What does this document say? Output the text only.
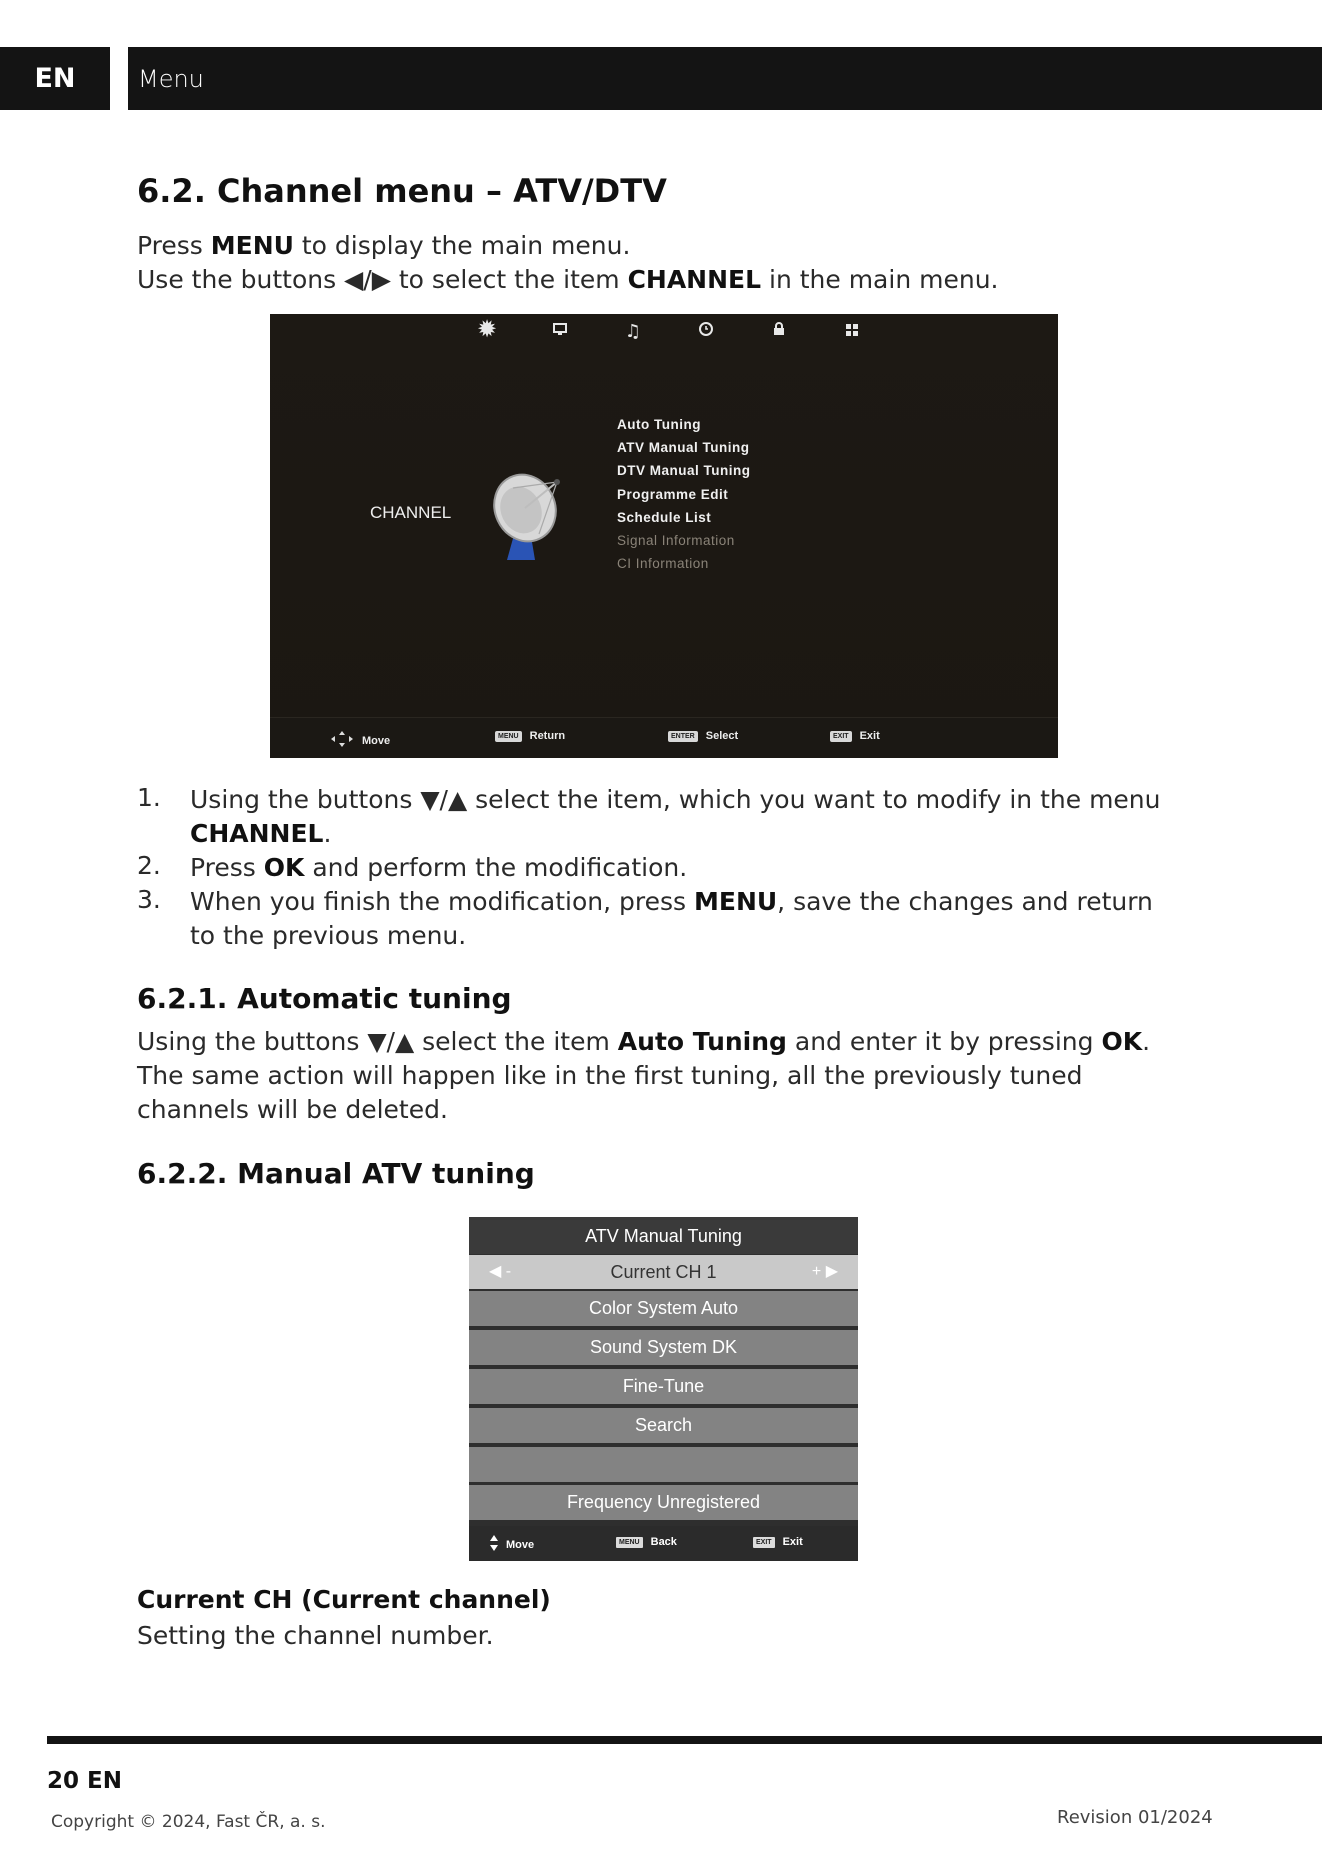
EN	Menu
6.2. Channel menu – ATV/DTV
Press MENU to display the main menu.
Use the buttons ◀/▶ to select the item CHANNEL in the main menu.
✹	♫
CHANNEL
Auto Tuning
ATV Manual Tuning
DTV Manual Tuning
Programme Edit
Schedule List
Signal Information
CI Information
Move	MENU Return	ENTER Select	EXIT Exit
1. Using the buttons ▼/▲ select the item, which you want to modify in the menu
CHANNEL.
2. Press OK and perform the modification.
3. When you finish the modification, press MENU, save the changes and return to the previous menu.
6.2.1. Automatic tuning
Using the buttons ▼/▲ select the item Auto Tuning and enter it by pressing OK. The same action will happen like in the first tuning, all the previously tuned channels will be deleted.
6.2.2. Manual ATV tuning
ATV Manual Tuning
◀ -	Current CH 1	+ ▶
Color System Auto
Sound System DK
Fine-Tune
Search
Frequency Unregistered
Move	MENU Back	EXIT Exit
Current CH (Current channel)
Setting the channel number.
20 EN
Copyright © 2024, Fast ČR, a. s.	Revision 01/2024
